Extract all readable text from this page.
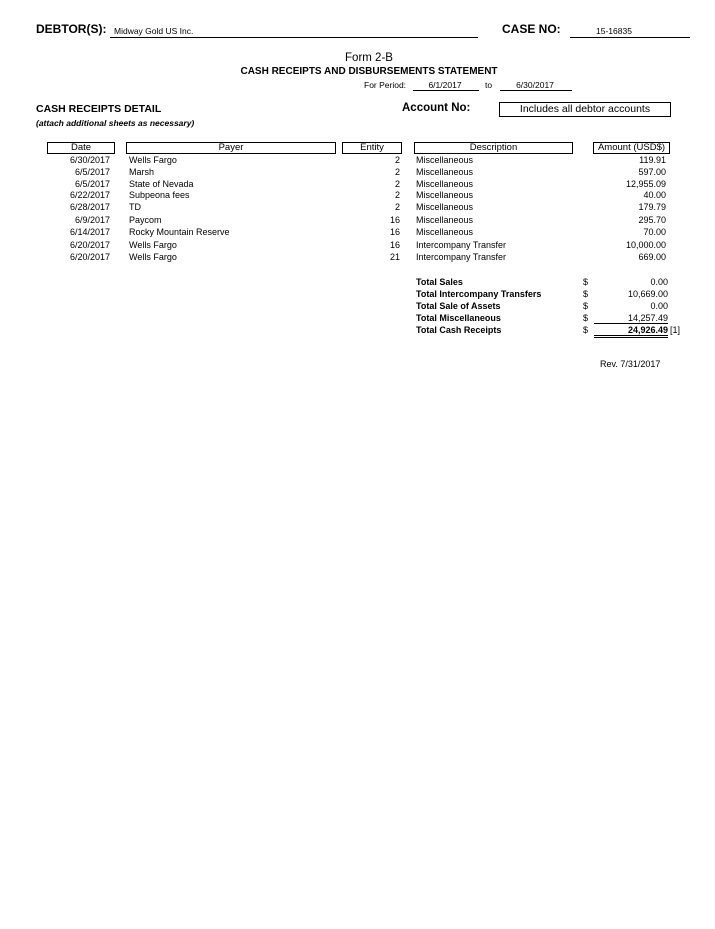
DEBTOR(S): Midway Gold US Inc.	CASE NO:	15-16835
Form 2-B
CASH RECEIPTS AND DISBURSEMENTS STATEMENT
For Period:	6/1/2017	to	6/30/2017
CASH RECEIPTS DETAIL
(attach additional sheets as necessary)
Account No:	Includes all debtor accounts
Date	Payer	Entity	Description	Amount (USD$)
6/30/2017 Wells Fargo	2 Miscellaneous	119.91
6/5/2017 Marsh	2 Miscellaneous	597.00
6/5/2017 State of Nevada	2 Miscellaneous	12,955.09
6/22/2017 Subpeona fees	2 Miscellaneous	40.00
6/28/2017 TD	2 Miscellaneous	179.79
6/9/2017 Paycom	16 Miscellaneous	295.70
6/14/2017 Rocky Mountain Reserve	16 Miscellaneous	70.00
6/20/2017 Wells Fargo	16 Intercompany Transfer	10,000.00
6/20/2017 Wells Fargo	21 Intercompany Transfer	669.00
Total Sales	$	0.00
Total Intercompany Transfers	$	10,669.00
Total Sale of Assets	$	0.00
Total Miscellaneous	$	14,257.49
Total Cash Receipts	$	24,926.49 [1]
Rev. 7/31/2017
